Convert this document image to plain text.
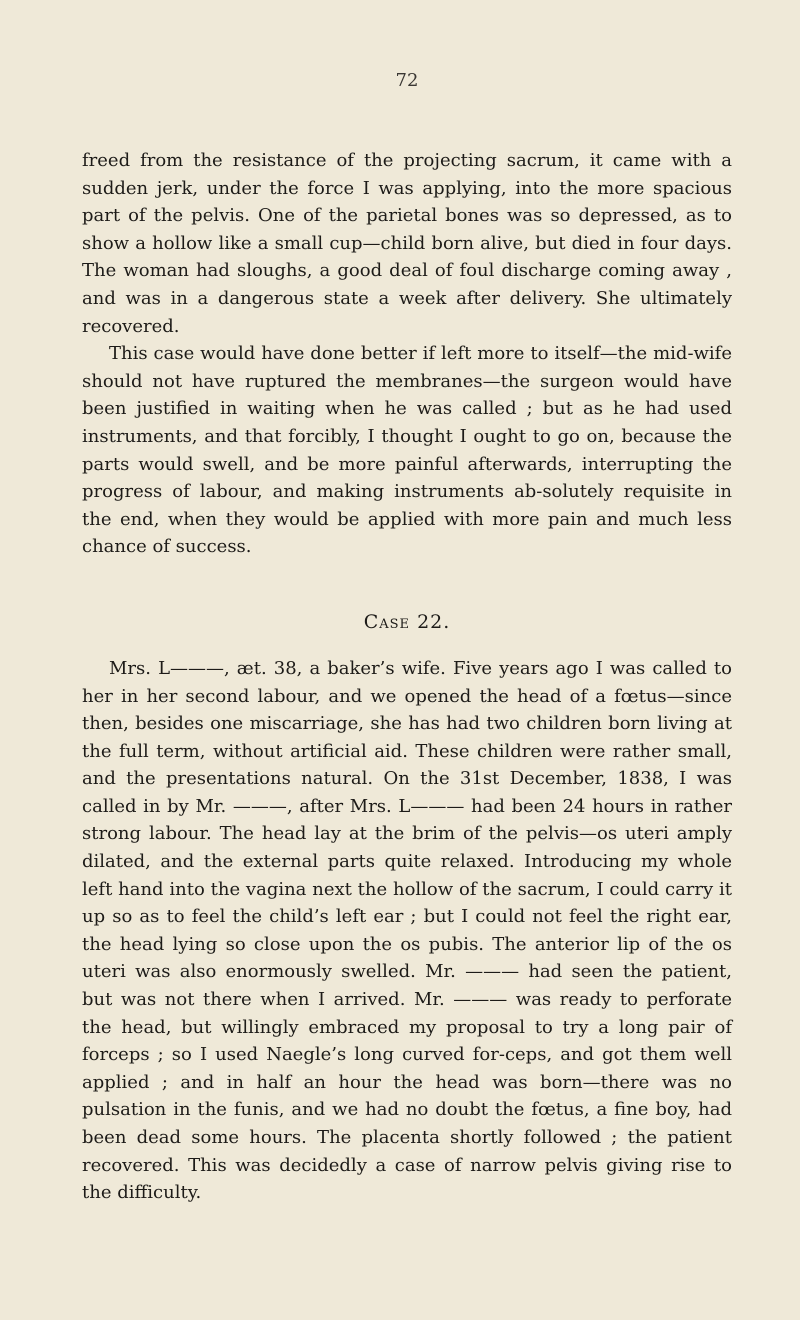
72

freed from the resistance of the projecting sacrum, it came with a sudden jerk, under the force I was applying, into the more spacious part of the pelvis. One of the parietal bones was so depressed, as to show a hollow like a small cup—child born alive, but died in four days. The woman had sloughs, a good deal of foul discharge coming away , and was in a dangerous state a week after delivery. She ultimately recovered.

This case would have done better if left more to itself—the mid-wife should not have ruptured the membranes—the surgeon would have been justified in waiting when he was called ; but as he had used instruments, and that forcibly, I thought I ought to go on, because the parts would swell, and be more painful afterwards, interrupting the progress of labour, and making instruments ab-solutely requisite in the end, when they would be applied with more pain and much less chance of success.

Case 22.

Mrs. L———, æt. 38, a baker’s wife. Five years ago I was called to her in her second labour, and we opened the head of a fœtus—since then, besides one miscarriage, she has had two children born living at the full term, without artificial aid. These children were rather small, and the presentations natural. On the 31st December, 1838, I was called in by Mr. ———, after Mrs. L——— had been 24 hours in rather strong labour. The head lay at the brim of the pelvis—os uteri amply dilated, and the external parts quite relaxed. Introducing my whole left hand into the vagina next the hollow of the sacrum, I could carry it up so as to feel the child’s left ear ; but I could not feel the right ear, the head lying so close upon the os pubis. The anterior lip of the os uteri was also enormously swelled. Mr. ——— had seen the patient, but was not there when I arrived. Mr. ——— was ready to perforate the head, but willingly embraced my proposal to try a long pair of forceps ; so I used Naegle’s long curved for-ceps, and got them well applied ; and in half an hour the head was born—there was no pulsation in the funis, and we had no doubt the fœtus, a fine boy, had been dead some hours. The placenta shortly followed ; the patient recovered. This was decidedly a case of narrow pelvis giving rise to the difficulty.
